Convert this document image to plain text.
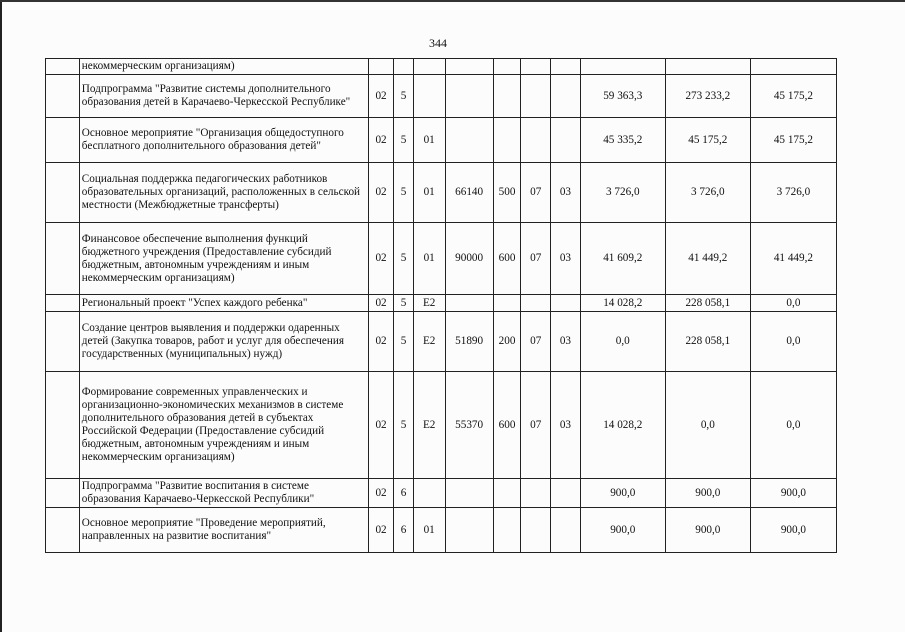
344
	некоммерческим организациям)										
	Подпрограмма "Развитие системы дополнительного образования детей в Карачаево-Черкесской Республике"	02	5						59 363,3	273 233,2	45 175,2
	Основное мероприятие "Организация общедоступного бесплатного дополнительного образования детей"	02	5	01					45 335,2	45 175,2	45 175,2
	Социальная поддержка педагогических работников образовательных организаций, расположенных в сельской местности (Межбюджетные трансферты)	02	5	01	66140	500	07	03	3 726,0	3 726,0	3 726,0
	Финансовое обеспечение выполнения функций бюджетного учреждения (Предоставление субсидий бюджетным, автономным учреждениям и иным некоммерческим организациям)	02	5	01	90000	600	07	03	41 609,2	41 449,2	41 449,2
	Региональный проект "Успех каждого ребенка"	02	5	E2					14 028,2	228 058,1	0,0
	Создание центров выявления и поддержки одаренных детей (Закупка товаров, работ и услуг для обеспечения государственных (муниципальных) нужд)	02	5	E2	51890	200	07	03	0,0	228 058,1	0,0
	Формирование современных управленческих и организационно-экономических механизмов в системе дополнительного образования детей в субъектах Российской Федерации (Предоставление субсидий бюджетным, автономным учреждениям и иным некоммерческим организациям)	02	5	E2	55370	600	07	03	14 028,2	0,0	0,0
	Подпрограмма "Развитие воспитания в системе образования Карачаево-Черкесской Республики"	02	6						900,0	900,0	900,0
	Основное мероприятие "Проведение мероприятий, направленных на развитие воспитания"	02	6	01					900,0	900,0	900,0
